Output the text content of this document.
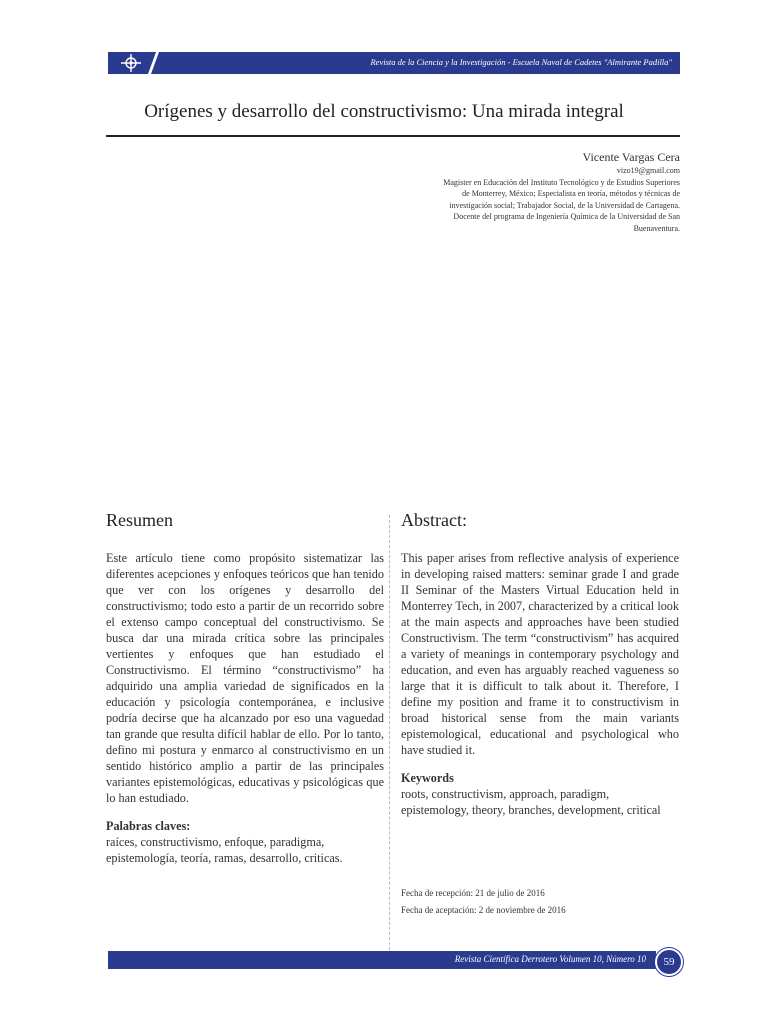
Revista de la Ciencia y la Investigación - Escuela Naval de Cadetes "Almirante Padilla"
Orígenes y desarrollo del constructivismo: Una mirada integral
Vicente Vargas Cera
vizo19@gmail.com
Magister en Educación del Instituto Tecnológico y de Estudios Superiores
de Monterrey, México; Especialista en teoría, métodos y técnicas de
investigación social; Trabajador Social, de la Universidad de Cartagena.
Docente del programa de Ingeniería Química de la Universidad de San
Buenaventura.
Resumen

Este artículo tiene como propósito sistematizar las diferentes acepciones y enfoques teóricos que han tenido que ver con los orígenes y desarrollo del constructivismo; todo esto a partir de un recorrido sobre el extenso campo conceptual del constructivismo. Se busca dar una mirada crítica sobre las principales vertientes y enfoques que han estudiado el Constructivismo. El término “constructivismo” ha adquirido una amplia variedad de significados en la educación y psicología contemporánea, e inclusive podría decirse que ha alcanzado por eso una vaguedad tan grande que resulta difícil hablar de ello. Por lo tanto, defino mi postura y enmarco al constructivismo en un sentido histórico amplio a partir de las principales variantes epistemológicas, educativas y psicológicas que lo han estudiado.

Palabras claves:

raíces, constructivismo, enfoque, paradigma, epistemología, teoría, ramas, desarrollo, criticas.

Abstract:

This paper arises from reflective analysis of experience in developing raised matters: seminar grade I and grade II Seminar of the Masters Virtual Education held in Monterrey Tech, in 2007, characterized by a critical look at the main aspects and approaches have been studied Constructivism. The term “constructivism” has acquired a variety of meanings in contemporary psychology and education, and even has arguably reached vagueness so large that it is difficult to talk about it. Therefore, I define my position and frame it to constructivism in broad historical sense from the main variants epistemological, educational and psychological who have studied it.

Keywords

roots, constructivism, approach, paradigm, epistemology, theory, branches, development, critical

Fecha de recepción: 21 de julio de 2016
Fecha de aceptación: 2 de noviembre de 2016
Revista Científica Derrotero Volumen 10, Número 10	59
